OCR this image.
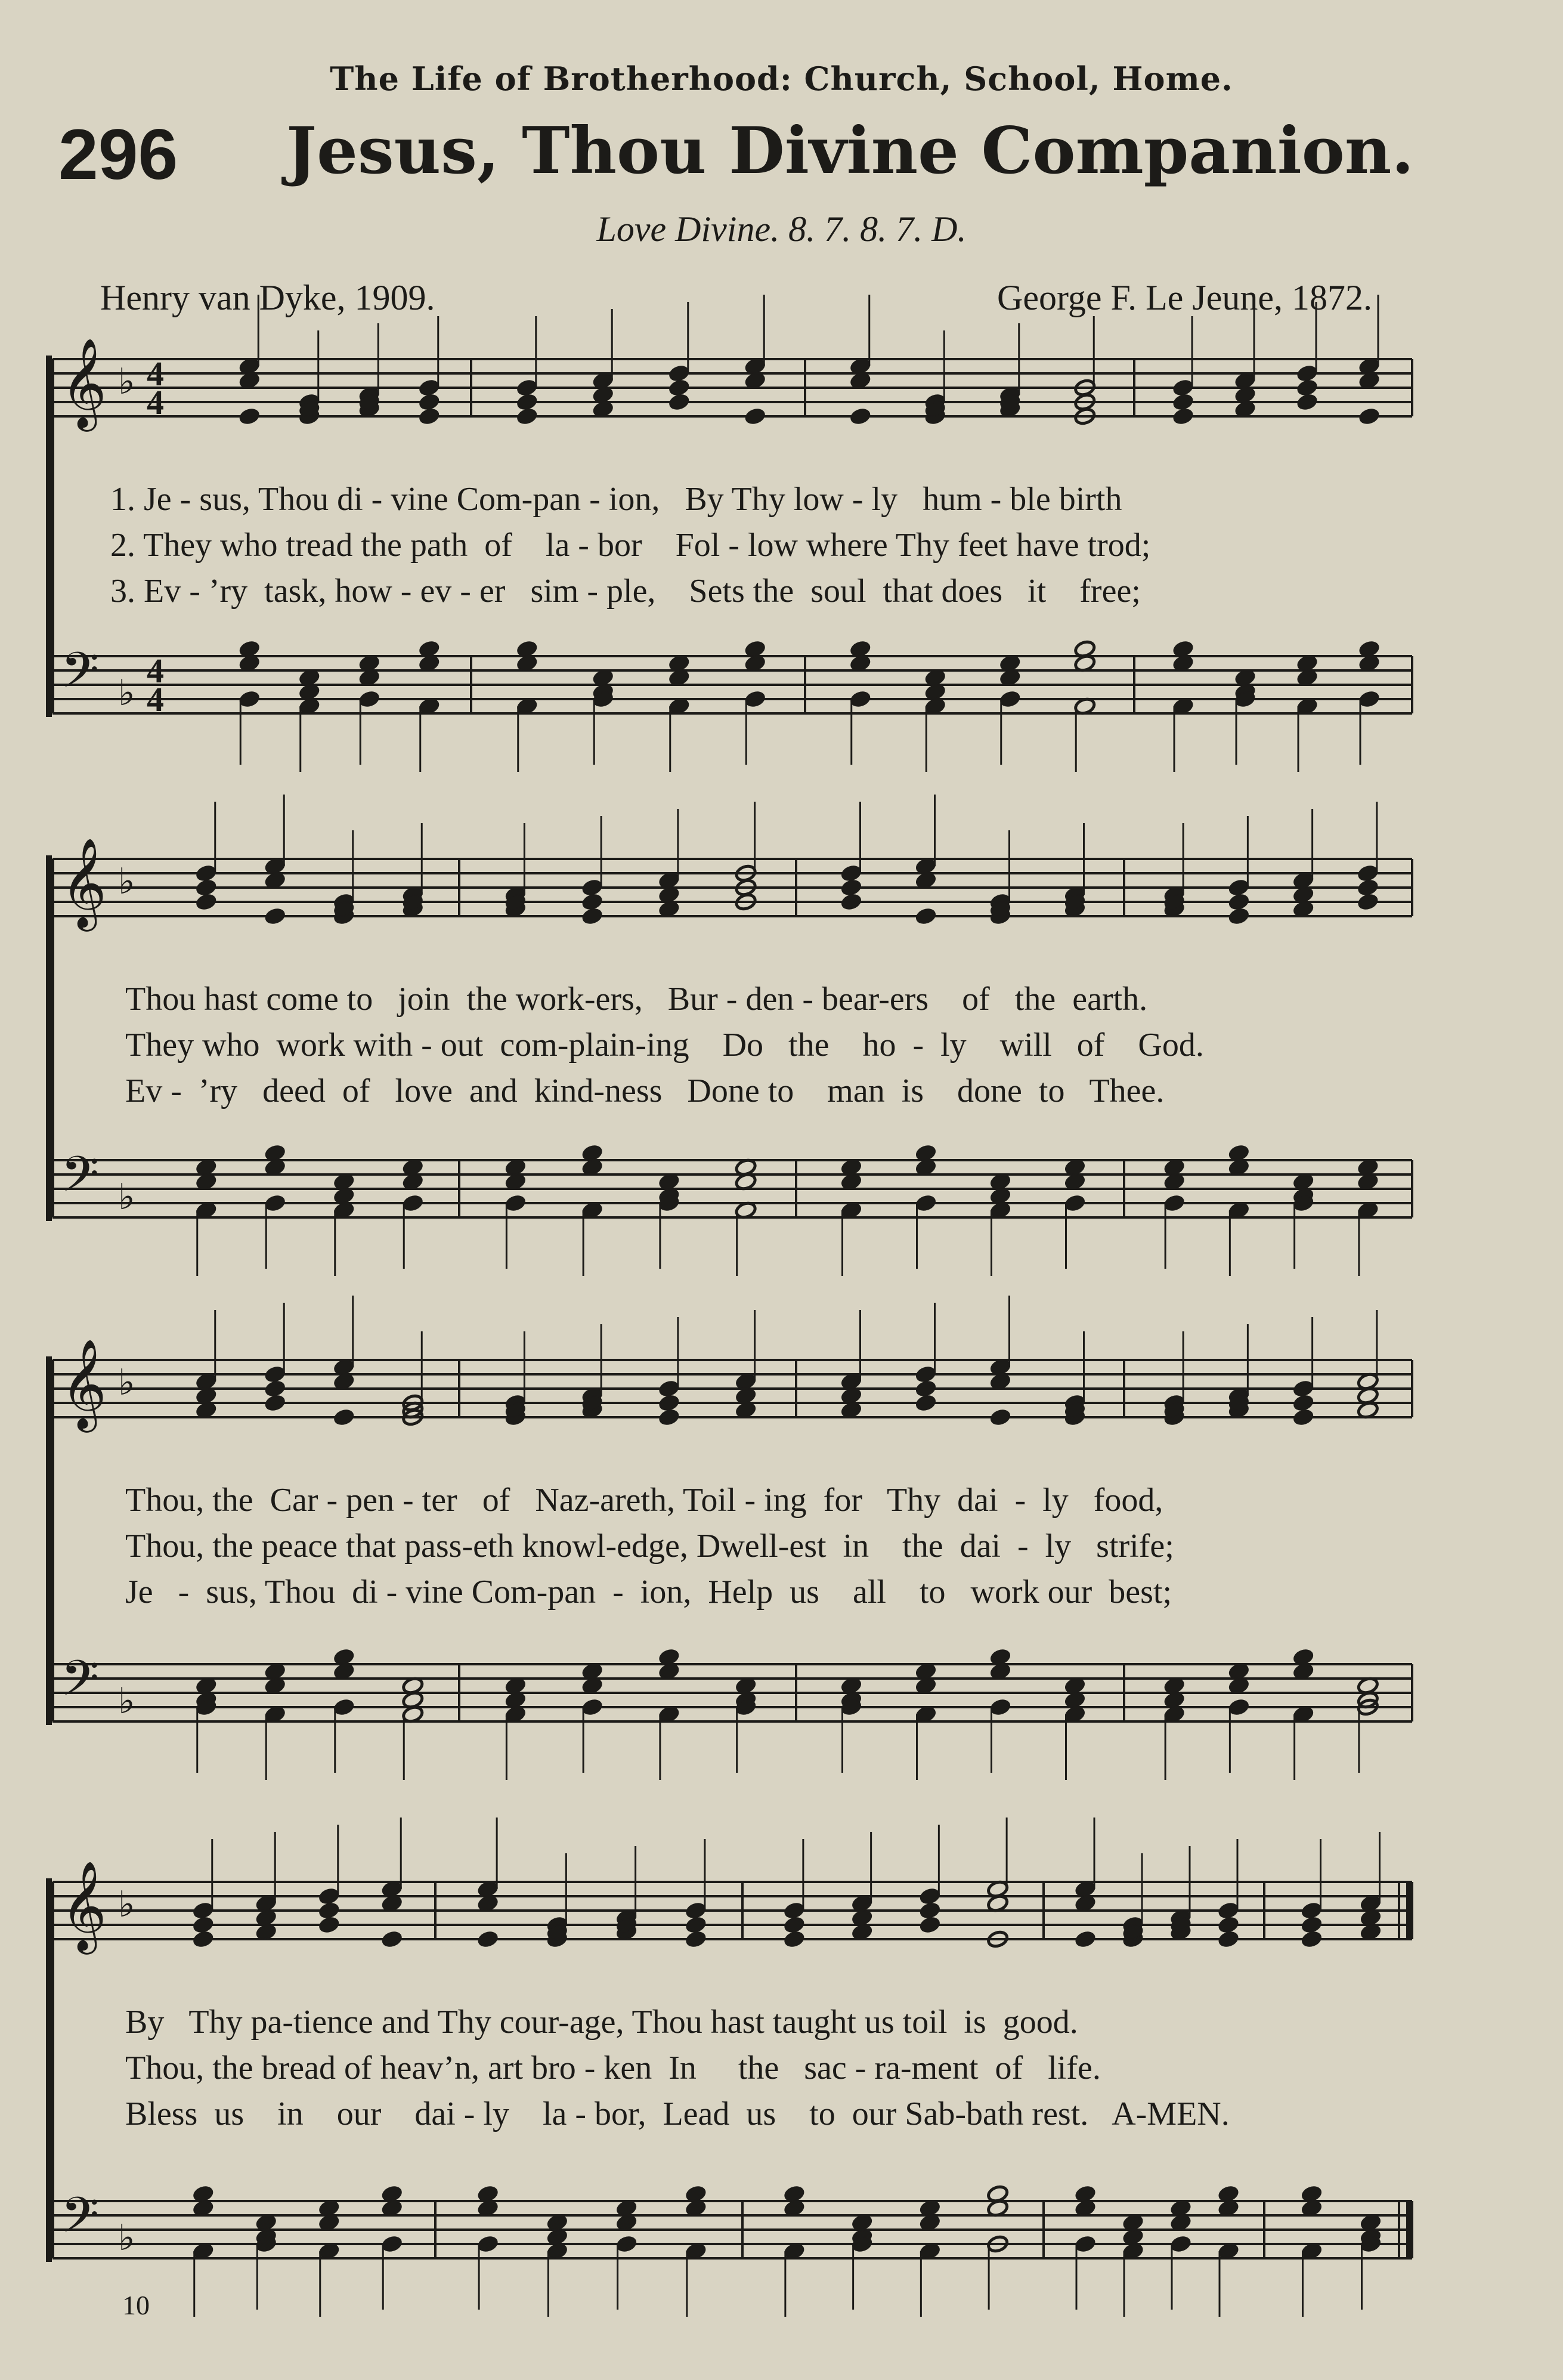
The Life of Brotherhood: Church, School, Home.
296 Jesus, Thou Divine Companion.
Love Divine. 8. 7. 8. 7. D.
Henry van Dyke, 1909.	George F. Le Jeune, 1872.
𝄞
𝄢
♭
♭
4
4
4
4
𝄞
𝄢
♭
♭
𝄞
𝄢
♭
♭
𝄞
𝄢
♭
♭
1. Je - sus, Thou di - vine Com-pan - ion,   By Thy low - ly   hum - ble birth
2. They who tread the path  of    la - bor    Fol - low where Thy feet have trod;
3. Ev - ’ry  task, how - ev - er   sim - ple,    Sets the  soul  that does   it    free;
Thou hast come to   join  the work-ers,   Bur - den - bear-ers    of   the  earth.
They who  work with - out  com-plain-ing    Do   the    ho  -  ly    will   of    God.
Ev -  ’ry   deed  of   love  and  kind-ness   Done to    man  is    done  to   Thee.
Thou, the  Car - pen - ter   of   Naz-areth, Toil - ing  for   Thy  dai  -  ly   food,
Thou, the peace that pass-eth knowl-edge, Dwell-est  in    the  dai  -  ly   strife;
Je   -  sus, Thou  di - vine Com-pan  -  ion,  Help  us    all    to   work our  best;
By   Thy pa-tience and Thy cour-age, Thou hast taught us toil  is  good.
Thou, the bread of heav’n, art bro - ken  In     the   sac - ra-ment  of   life.
Bless  us    in    our    dai - ly    la - bor,  Lead  us    to  our Sab-bath rest.   A-MEN.
10
